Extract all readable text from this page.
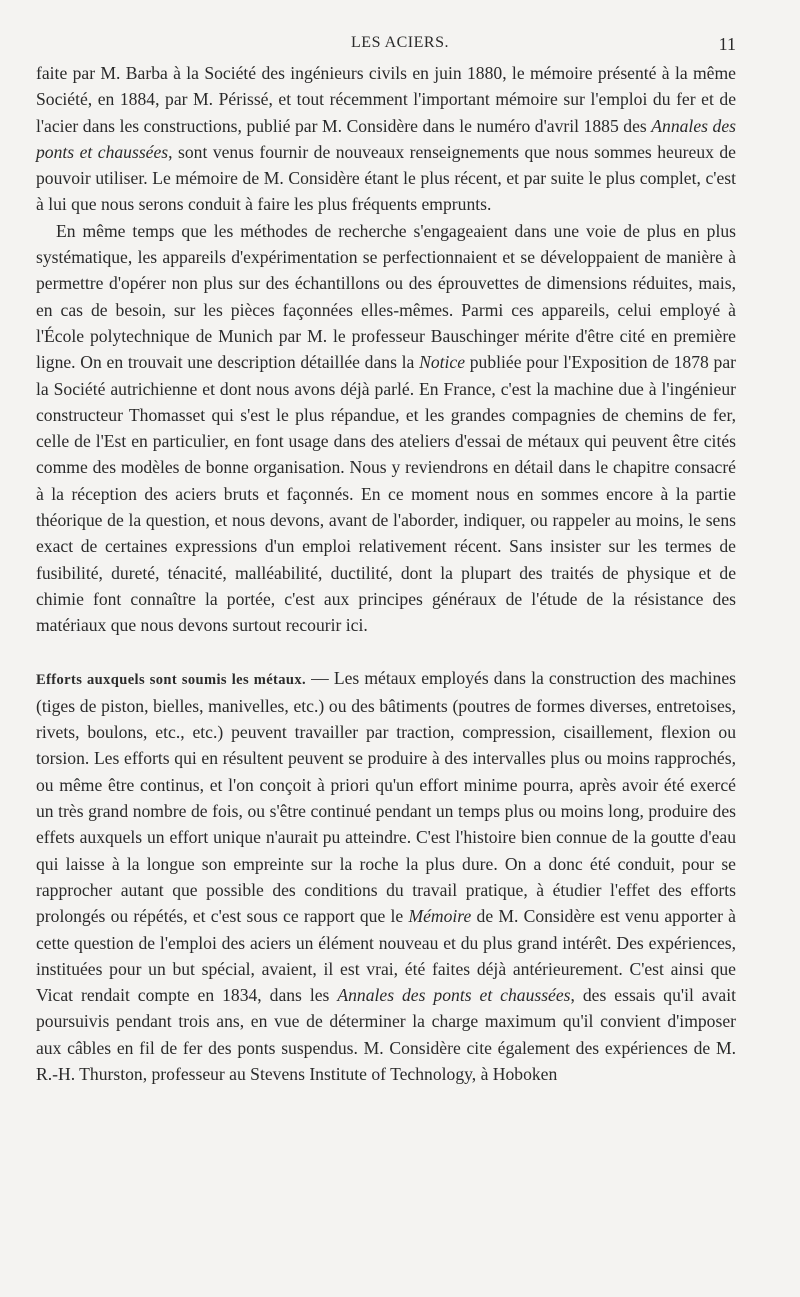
LES ACIERS.	11

faite par M. Barba à la Société des ingénieurs civils en juin 1880, le mémoire présenté à la même Société, en 1884, par M. Périssé, et tout récemment l'important mémoire sur l'emploi du fer et de l'acier dans les constructions, publié par M. Considère dans le numéro d'avril 1885 des Annales des ponts et chaussées, sont venus fournir de nouveaux renseignements que nous sommes heureux de pouvoir utiliser. Le mémoire de M. Considère étant le plus récent, et par suite le plus complet, c'est à lui que nous serons conduit à faire les plus fréquents emprunts.

En même temps que les méthodes de recherche s'engageaient dans une voie de plus en plus systématique, les appareils d'expérimentation se perfectionnaient et se développaient de manière à permettre d'opérer non plus sur des échantillons ou des éprouvettes de dimensions réduites, mais, en cas de besoin, sur les pièces façonnées elles-mêmes. Parmi ces appareils, celui employé à l'École polytechnique de Munich par M. le professeur Bauschinger mérite d'être cité en première ligne. On en trouvait une description détaillée dans la Notice publiée pour l'Exposition de 1878 par la Société autrichienne et dont nous avons déjà parlé. En France, c'est la machine due à l'ingénieur constructeur Thomasset qui s'est le plus répandue, et les grandes compagnies de chemins de fer, celle de l'Est en particulier, en font usage dans des ateliers d'essai de métaux qui peuvent être cités comme des modèles de bonne organisation. Nous y reviendrons en détail dans le chapitre consacré à la réception des aciers bruts et façonnés. En ce moment nous en sommes encore à la partie théorique de la question, et nous devons, avant de l'aborder, indiquer, ou rappeler au moins, le sens exact de certaines expressions d'un emploi relativement récent. Sans insister sur les termes de fusibilité, dureté, ténacité, malléabilité, ductilité, dont la plupart des traités de physique et de chimie font connaître la portée, c'est aux principes généraux de l'étude de la résistance des matériaux que nous devons surtout recourir ici.

Efforts auxquels sont soumis les métaux. — Les métaux employés dans la construction des machines (tiges de piston, bielles, manivelles, etc.) ou des bâtiments (poutres de formes diverses, entretoises, rivets, boulons, etc., etc.) peuvent travailler par traction, compression, cisaillement, flexion ou torsion. Les efforts qui en résultent peuvent se produire à des intervalles plus ou moins rapprochés, ou même être continus, et l'on conçoit à priori qu'un effort minime pourra, après avoir été exercé un très grand nombre de fois, ou s'être continué pendant un temps plus ou moins long, produire des effets auxquels un effort unique n'aurait pu atteindre. C'est l'histoire bien connue de la goutte d'eau qui laisse à la longue son empreinte sur la roche la plus dure. On a donc été conduit, pour se rapprocher autant que possible des conditions du travail pratique, à étudier l'effet des efforts prolongés ou répétés, et c'est sous ce rapport que le Mémoire de M. Considère est venu apporter à cette question de l'emploi des aciers un élément nouveau et du plus grand intérêt. Des expériences, instituées pour un but spécial, avaient, il est vrai, été faites déjà antérieurement. C'est ainsi que Vicat rendait compte en 1834, dans les Annales des ponts et chaussées, des essais qu'il avait poursuivis pendant trois ans, en vue de déterminer la charge maximum qu'il convient d'imposer aux câbles en fil de fer des ponts suspendus. M. Considère cite également des expériences de M. R.-H. Thurston, professeur au Stevens Institute of Technology, à Hoboken
